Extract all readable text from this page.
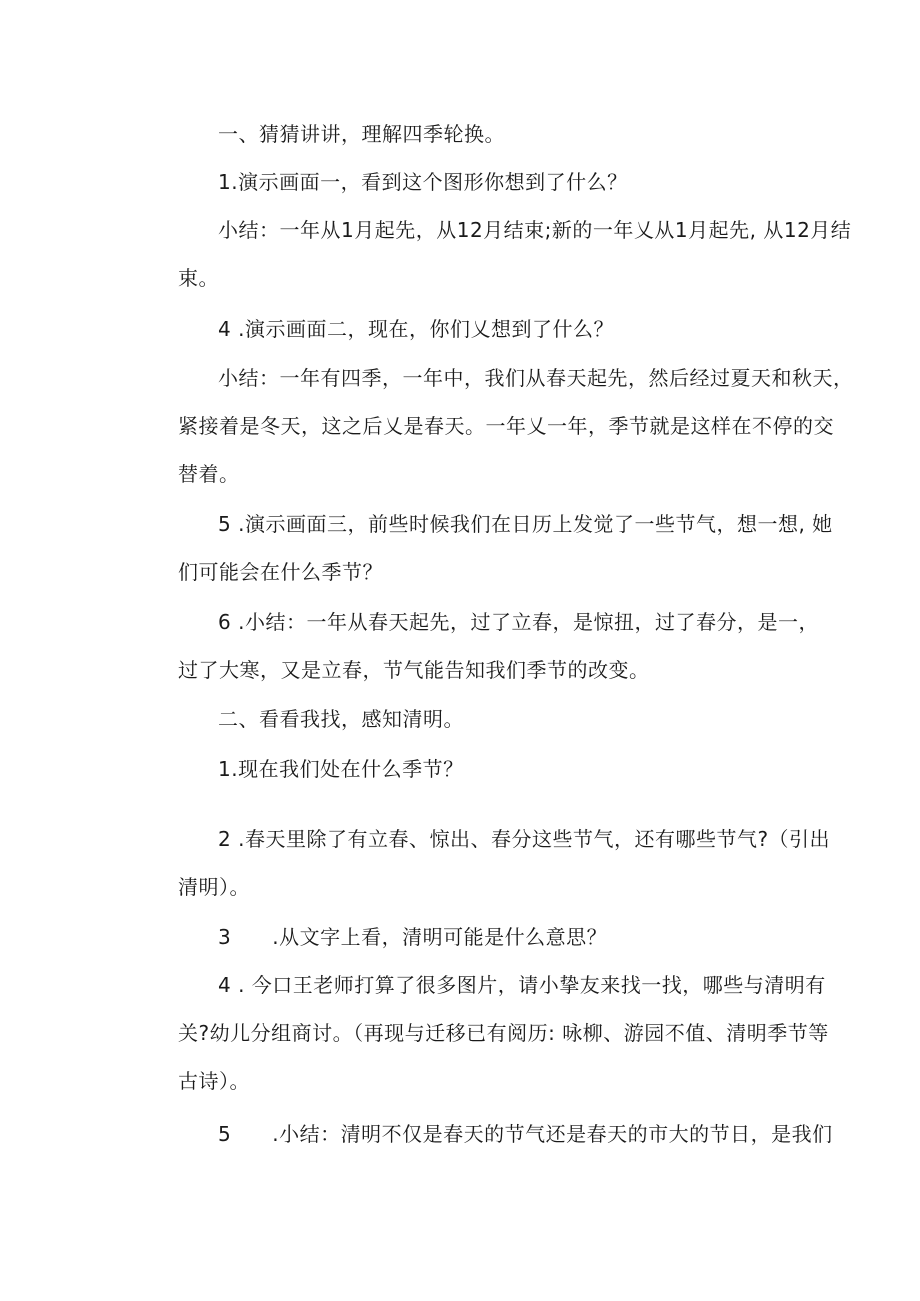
一、猜猜讲讲，理解四季轮换。
1.演示画面一，看到这个图形你想到了什么？
小结：一年从1月起先，从12月结束;新的一年乂从1月起先, 从12月结
束。
4 .演示画面二，现在，你们乂想到了什么？
小结：一年有四季，一年中，我们从春天起先，然后经过夏天和秋天，
紧接着是冬天，这之后乂是春天。一年乂一年，季节就是这样在不停的交
替着。
5 .演示画面三，前些时候我们在日历上发觉了一些节气，想一想, 她
们可能会在什么季节？
6 .小结：一年从春天起先，过了立春，是惊扭，过了春分，是一，
过了大寒，又是立春，节气能告知我们季节的改变。
二、看看我找，感知清明。
1.现在我们处在什么季节？
2 .春天里除了有立春、惊出、春分这些节气，还有哪些节气?（引出
清明）。
3　　.从文字上看，清明可能是什么意思？
4 . 今口王老师打算了很多图片，请小挚友来找一找，哪些与清明有
关?幼儿分组商讨。（再现与迁移已有阅历: 咏柳、游园不值、清明季节等
古诗）。
5　　.小结：清明不仅是春天的节气还是春天的市大的节日，是我们
